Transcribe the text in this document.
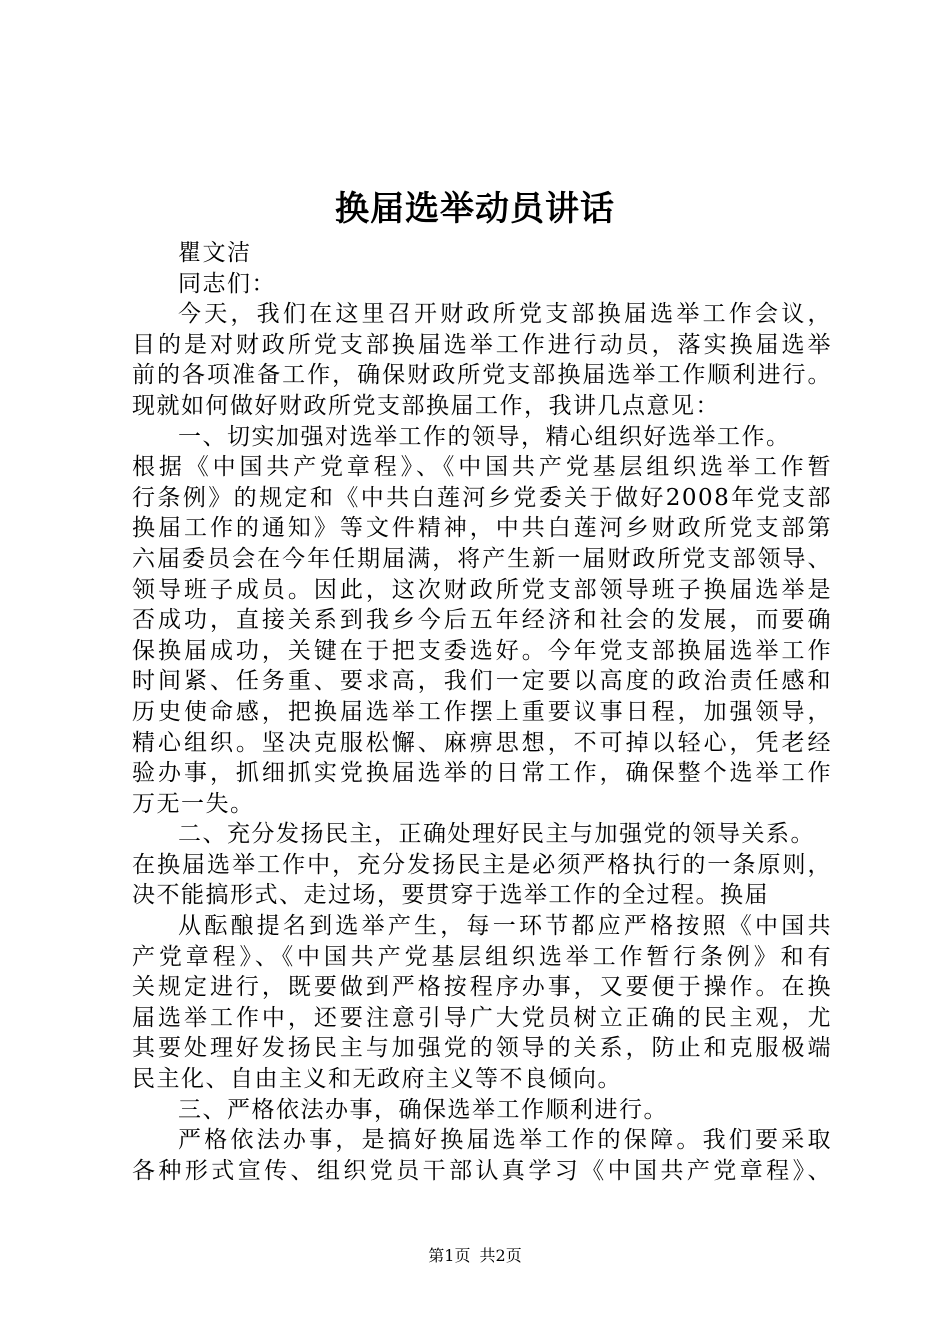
换届选举动员讲话
瞿文洁
同志们：
今天，我们在这里召开财政所党支部换届选举工作会议，
目的是对财政所党支部换届选举工作进行动员，落实换届选举
前的各项准备工作，确保财政所党支部换届选举工作顺利进行。
现就如何做好财政所党支部换届工作，我讲几点意见：
一、切实加强对选举工作的领导，精心组织好选举工作。
根据《中国共产党章程》、《中国共产党基层组织选举工作暂
行条例》的规定和《中共白莲河乡党委关于做好2008年党支部
换届工作的通知》等文件精神，中共白莲河乡财政所党支部第
六届委员会在今年任期届满，将产生新一届财政所党支部领导、
领导班子成员。因此，这次财政所党支部领导班子换届选举是
否成功，直接关系到我乡今后五年经济和社会的发展，而要确
保换届成功，关键在于把支委选好。今年党支部换届选举工作
时间紧、任务重、要求高，我们一定要以高度的政治责任感和
历史使命感，把换届选举工作摆上重要议事日程，加强领导，
精心组织。坚决克服松懈、麻痹思想，不可掉以轻心，凭老经
验办事，抓细抓实党换届选举的日常工作，确保整个选举工作
万无一失。
二、充分发扬民主，正确处理好民主与加强党的领导关系。
在换届选举工作中，充分发扬民主是必须严格执行的一条原则，
决不能搞形式、走过场，要贯穿于选举工作的全过程。换届
从酝酿提名到选举产生，每一环节都应严格按照《中国共
产党章程》、《中国共产党基层组织选举工作暂行条例》和有
关规定进行，既要做到严格按程序办事，又要便于操作。在换
届选举工作中，还要注意引导广大党员树立正确的民主观，尤
其要处理好发扬民主与加强党的领导的关系，防止和克服极端
民主化、自由主义和无政府主义等不良倾向。
三、严格依法办事，确保选举工作顺利进行。
严格依法办事，是搞好换届选举工作的保障。我们要采取
各种形式宣传、组织党员干部认真学习《中国共产党章程》、
第1页 共2页
